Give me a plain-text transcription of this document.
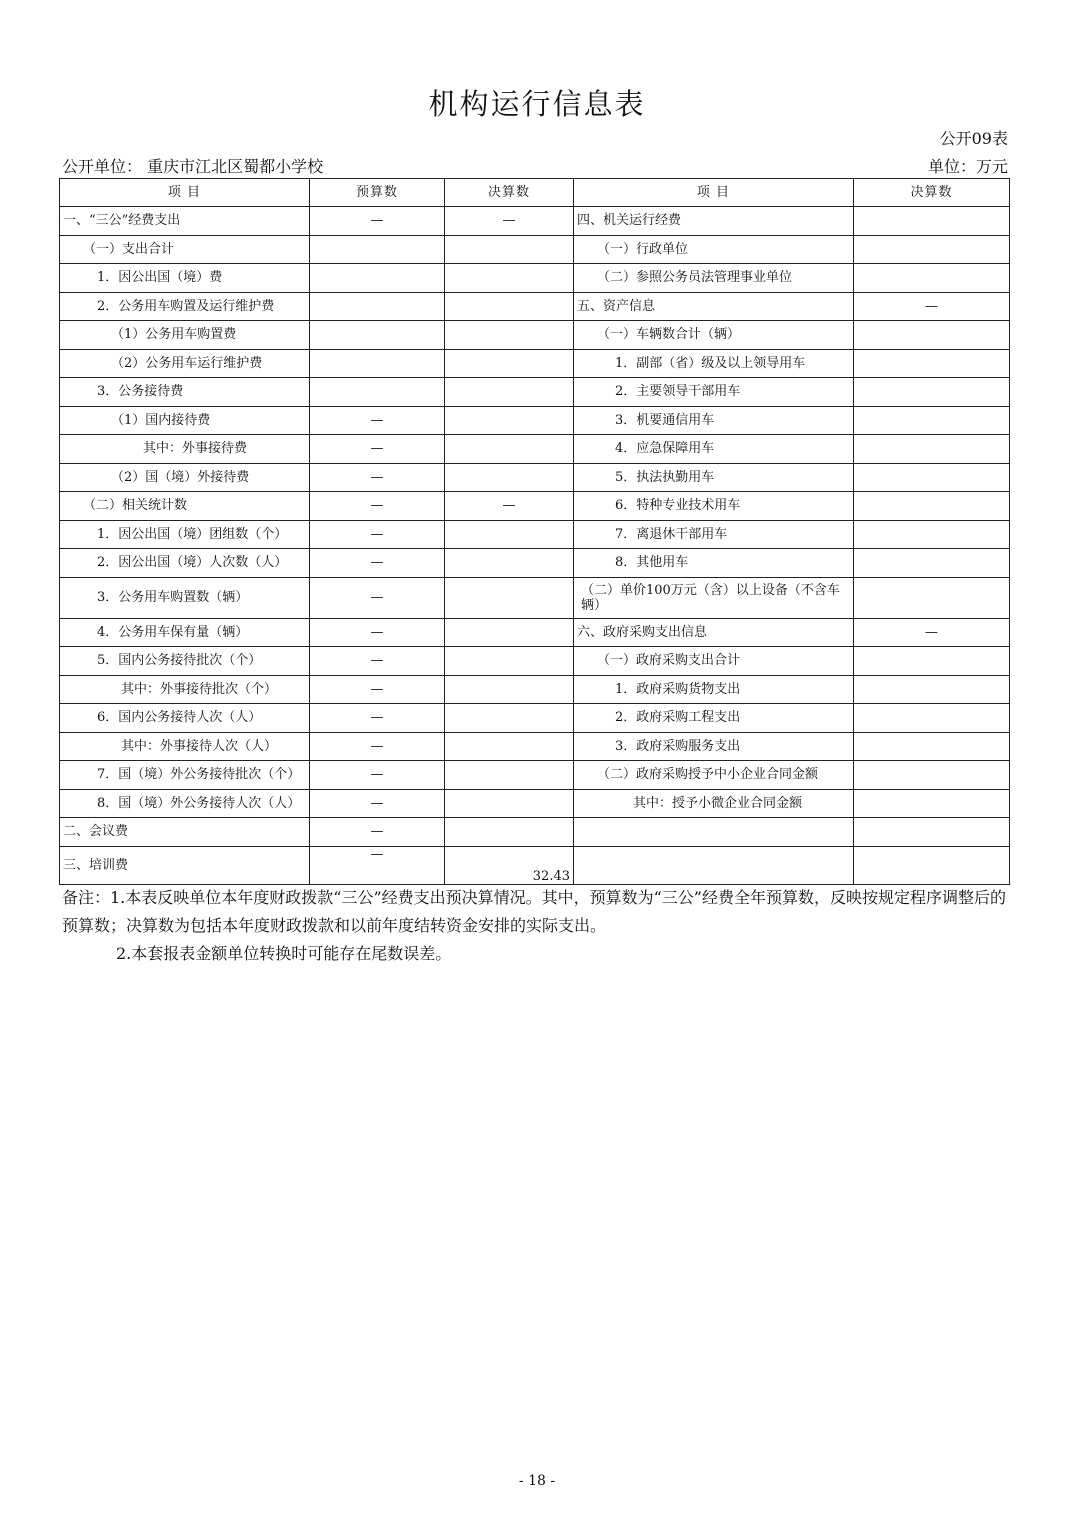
机构运行信息表
公开09表
公开单位： 重庆市江北区蜀都小学校	单位：万元
项 目	预算数	决算数	项 目	决算数
一、“三公”经费支出	—	—	四、机关运行经费	
（一）支出合计			（一）行政单位	
1．因公出国（境）费			（二）参照公务员法管理事业单位	
2．公务用车购置及运行维护费			五、资产信息	—
（1）公务用车购置费			（一）车辆数合计（辆）	
（2）公务用车运行维护费			1．副部（省）级及以上领导用车	
3．公务接待费			2．主要领导干部用车	
（1）国内接待费	—		3．机要通信用车	
其中：外事接待费	—		4．应急保障用车	
（2）国（境）外接待费	—		5．执法执勤用车	
（二）相关统计数	—	—	6．特种专业技术用车	
1．因公出国（境）团组数（个）	—		7．离退休干部用车	
2．因公出国（境）人次数（人）	—		8．其他用车	
3．公务用车购置数（辆）	—		（二）单价100万元（含）以上设备（不含车辆）	
4．公务用车保有量（辆）	—		六、政府采购支出信息	—
5．国内公务接待批次（个）	—		（一）政府采购支出合计	
其中：外事接待批次（个）	—		1．政府采购货物支出	
6．国内公务接待人次（人）	—		2．政府采购工程支出	
其中：外事接待人次（人）	—		3．政府采购服务支出	
7．国（境）外公务接待批次（个）	—		（二）政府采购授予中小企业合同金额	
8．国（境）外公务接待人次（人）	—		其中：授予小微企业合同金额	
二、会议费	—			
三、培训费	—	32.43		

备注：1.本表反映单位本年度财政拨款“三公”经费支出预决算情况。其中，预算数为“三公”经费全年预算数，反映按规定程序调整后的预算数；决算数为包括本年度财政拨款和以前年度结转资金安排的实际支出。

2.本套报表金额单位转换时可能存在尾数误差。

- 18 -
